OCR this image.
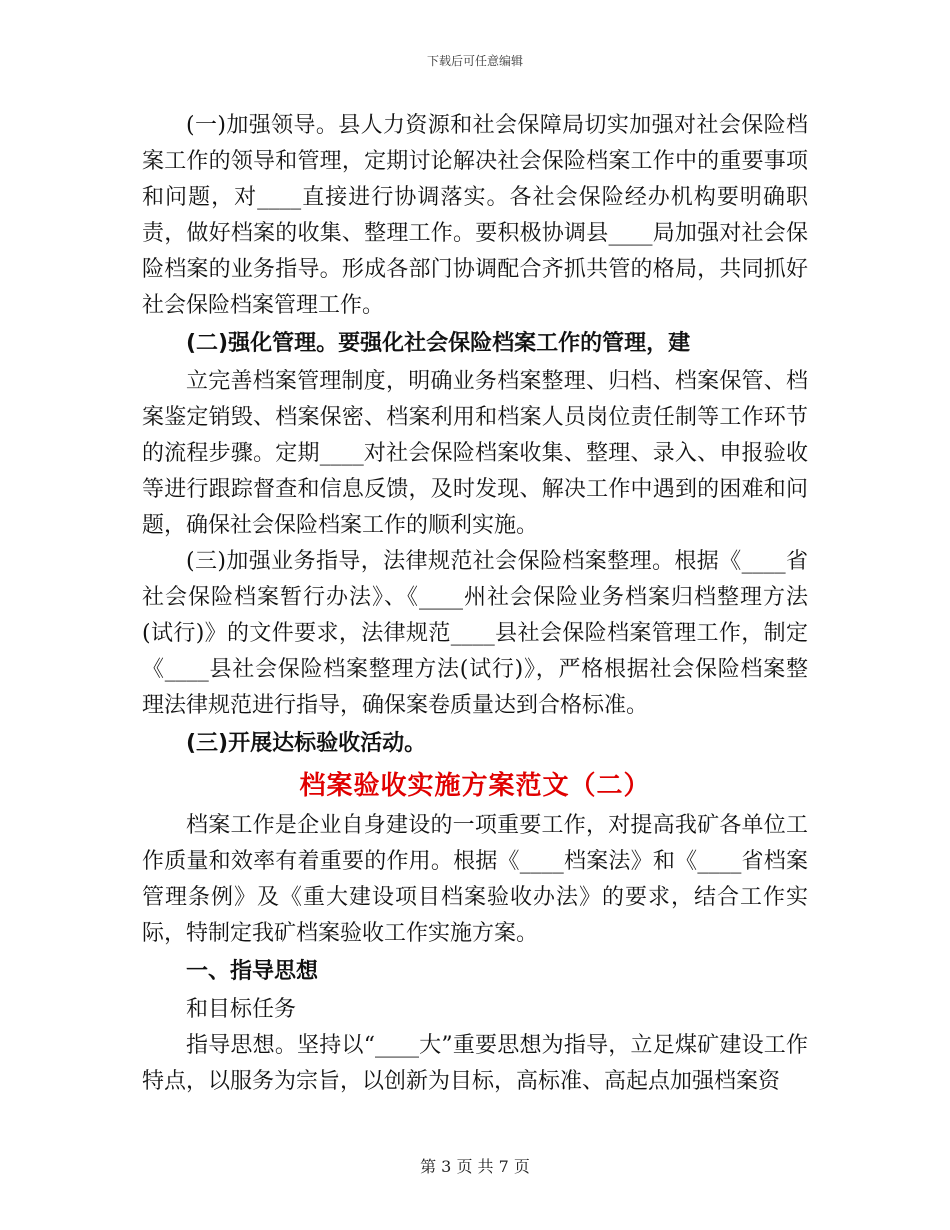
下载后可任意编辑

(一)加强领导。县人力资源和社会保障局切实加强对社会保险档案工作的领导和管理，定期讨论解决社会保险档案工作中的重要事项和问题，对____直接进行协调落实。各社会保险经办机构要明确职责，做好档案的收集、整理工作。要积极协调县____局加强对社会保险档案的业务指导。形成各部门协调配合齐抓共管的格局，共同抓好社会保险档案管理工作。

(二)强化管理。要强化社会保险档案工作的管理，建

立完善档案管理制度，明确业务档案整理、归档、档案保管、档案鉴定销毁、档案保密、档案利用和档案人员岗位责任制等工作环节的流程步骤。定期____对社会保险档案收集、整理、录入、申报验收等进行跟踪督查和信息反馈，及时发现、解决工作中遇到的困难和问题，确保社会保险档案工作的顺利实施。

(三)加强业务指导，法律规范社会保险档案整理。根据《____省社会保险档案暂行办法》、《____州社会保险业务档案归档整理方法(试行)》的文件要求，法律规范____县社会保险档案管理工作，制定《____县社会保险档案整理方法(试行)》，严格根据社会保险档案整理法律规范进行指导，确保案卷质量达到合格标准。

(三)开展达标验收活动。

档案验收实施方案范文（二）

档案工作是企业自身建设的一项重要工作，对提高我矿各单位工作质量和效率有着重要的作用。根据《____档案法》和《____省档案管理条例》及《重大建设项目档案验收办法》的要求，结合工作实际，特制定我矿档案验收工作实施方案。

一、指导思想

和目标任务

指导思想。坚持以“____大”重要思想为指导，立足煤矿建设工作特点，以服务为宗旨，以创新为目标，高标准、高起点加强档案资

第 3 页 共 7 页
